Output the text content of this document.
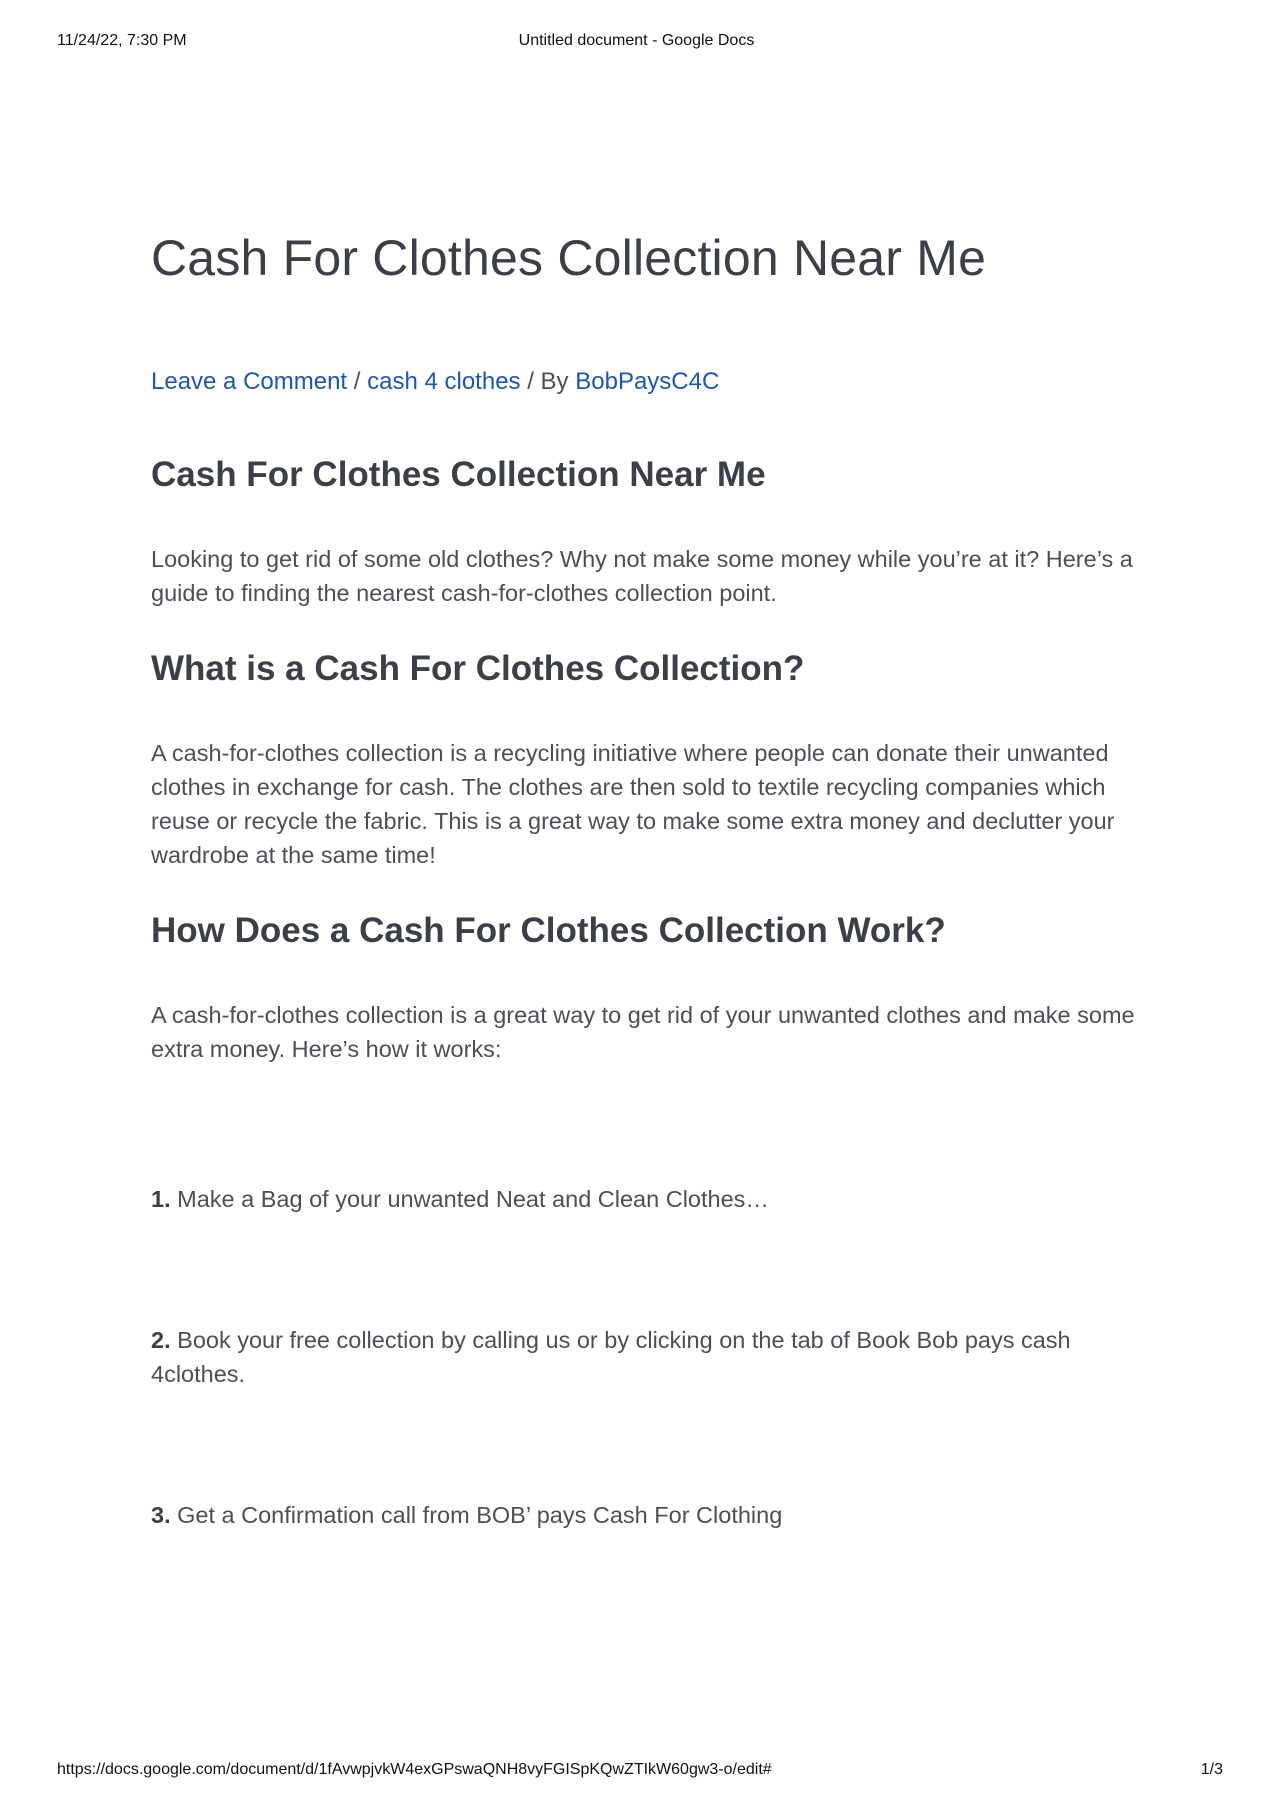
11/24/22, 7:30 PM	Untitled document - Google Docs
Cash For Clothes Collection Near Me
Leave a Comment / cash 4 clothes / By BobPaysC4C
Cash For Clothes Collection Near Me

Looking to get rid of some old clothes? Why not make some money while you’re at it? Here’s a guide to finding the nearest cash-for-clothes collection point.

What is a Cash For Clothes Collection?

A cash-for-clothes collection is a recycling initiative where people can donate their unwanted clothes in exchange for cash. The clothes are then sold to textile recycling companies which reuse or recycle the fabric. This is a great way to make some extra money and declutter your wardrobe at the same time!

How Does a Cash For Clothes Collection Work?

A cash-for-clothes collection is a great way to get rid of your unwanted clothes and make some extra money. Here’s how it works:

1. Make a Bag of your unwanted Neat and Clean Clothes…

2. Book your free collection by calling us or by clicking on the tab of Book Bob pays cash 4clothes.

3. Get a Confirmation call from BOB’ pays Cash For Clothing

https://docs.google.com/document/d/1fAvwpjvkW4exGPswaQNH8vyFGISpKQwZTIkW60gw3-o/edit#	1/3
